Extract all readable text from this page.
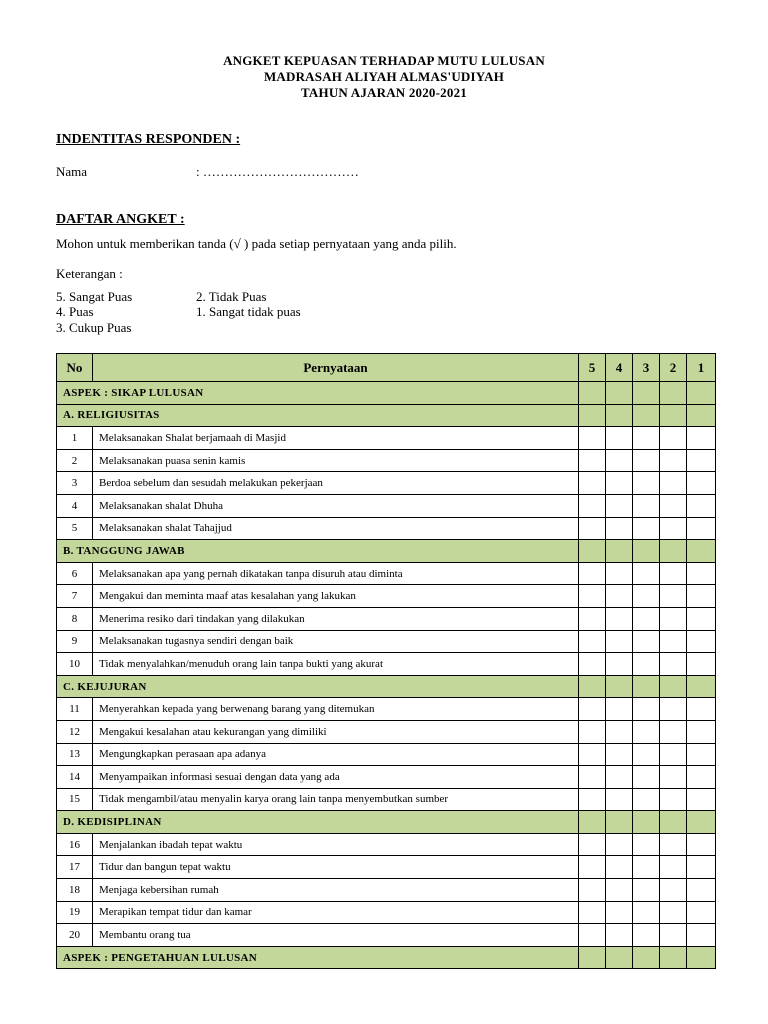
ANGKET KEPUASAN TERHADAP MUTU LULUSAN
MADRASAH ALIYAH ALMAS'UDIYAH
TAHUN AJARAN 2020-2021
INDENTITAS RESPONDEN :
Nama	: ………………………………
DAFTAR ANGKET :
Mohon untuk memberikan tanda (√ ) pada setiap pernyataan yang anda pilih.
Keterangan :
5. Sangat Puas
4. Puas
3. Cukup Puas
2. Tidak Puas
1. Sangat tidak puas
No	Pernyataan	5	4	3	2	1
ASPEK : SIKAP LULUSAN						
A. RELIGIUSITAS						
1	Melaksanakan Shalat berjamaah di Masjid					
2	Melaksanakan puasa senin kamis					
3	Berdoa sebelum dan sesudah melakukan pekerjaan					
4	Melaksanakan shalat Dhuha					
5	Melaksanakan shalat Tahajjud					
B. TANGGUNG JAWAB						
6	Melaksanakan apa yang pernah dikatakan tanpa disuruh atau diminta					
7	Mengakui dan meminta maaf atas kesalahan yang lakukan					
8	Menerima resiko dari tindakan yang dilakukan					
9	Melaksanakan tugasnya sendiri dengan baik					
10	Tidak menyalahkan/menuduh orang lain tanpa bukti yang akurat					
C. KEJUJURAN						
11	Menyerahkan kepada yang berwenang barang yang ditemukan					
12	Mengakui kesalahan atau kekurangan yang dimiliki					
13	Mengungkapkan perasaan apa adanya					
14	Menyampaikan informasi sesuai dengan data yang ada					
15	Tidak mengambil/atau menyalin karya orang lain tanpa menyembutkan sumber					
D. KEDISIPLINAN						
16	Menjalankan ibadah tepat waktu					
17	Tidur dan bangun tepat waktu					
18	Menjaga kebersihan rumah					
19	Merapikan tempat tidur dan kamar					
20	Membantu orang tua					
ASPEK : PENGETAHUAN LULUSAN						
